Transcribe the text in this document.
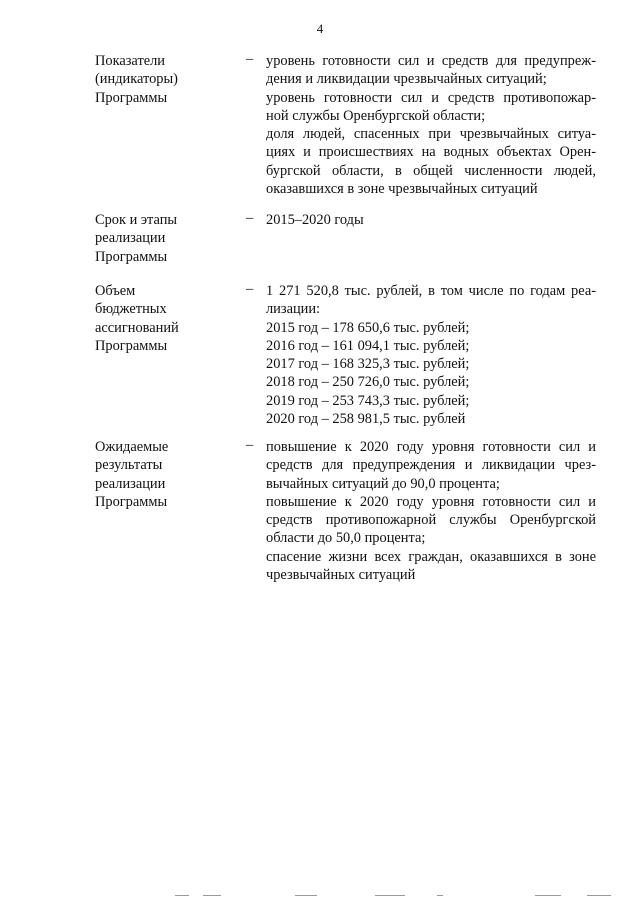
4
Показатели
(индикаторы)
Программы
– уровень готовности сил и средств для предупреж-
дения и ликвидации чрезвычайных ситуаций;
уровень готовности сил и средств противопожар-
ной службы Оренбургской области;
доля людей, спасенных при чрезвычайных ситуа-
циях и происшествиях на водных объектах Орен-
бургской области, в общей численности людей,
оказавшихся в зоне чрезвычайных ситуаций
Срок и этапы
реализации
Программы
– 2015–2020 годы
Объем
бюджетных
ассигнований
Программы
– 1 271 520,8 тыс. рублей, в том числе по годам реа-
лизации:
2015 год – 178 650,6 тыс. рублей;
2016 год – 161 094,1 тыс. рублей;
2017 год – 168 325,3 тыс. рублей;
2018 год – 250 726,0 тыс. рублей;
2019 год – 253 743,3 тыс. рублей;
2020 год – 258 981,5 тыс. рублей
Ожидаемые
результаты
реализации
Программы
– повышение к 2020 году уровня готовности сил и
средств для предупреждения и ликвидации чрез-
вычайных ситуаций до 90,0 процента;
повышение к 2020 году уровня готовности сил и
средств противопожарной службы Оренбургской
области до 50,0 процента;
спасение жизни всех граждан, оказавшихся в зоне
чрезвычайных ситуаций
